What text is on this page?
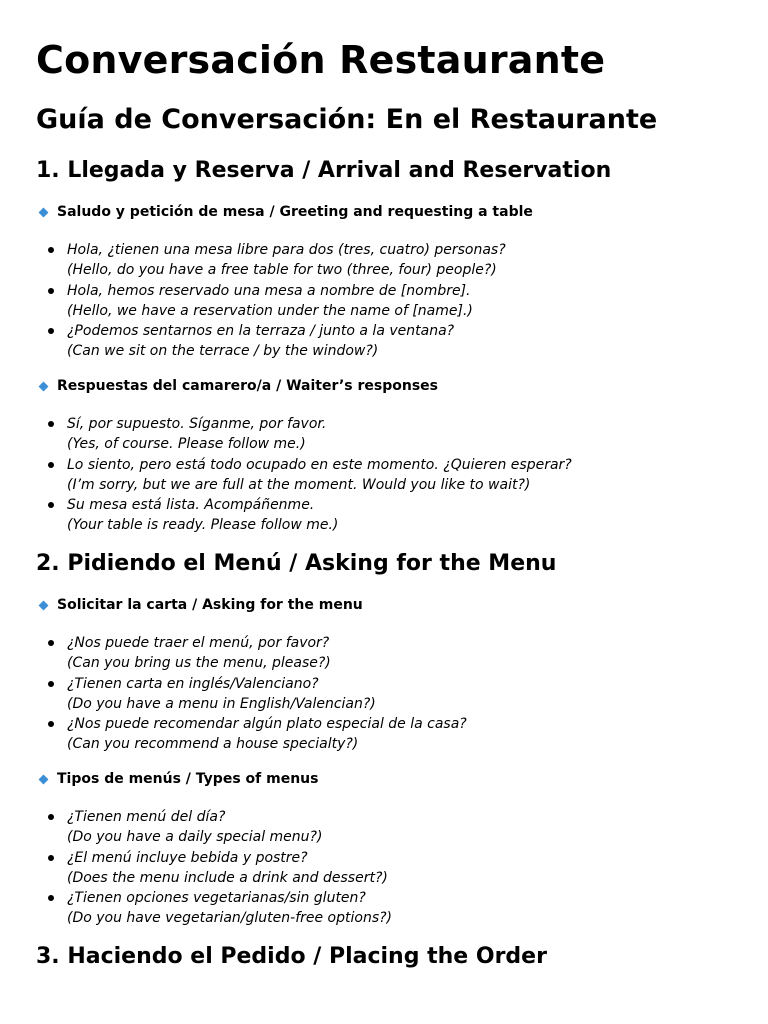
Conversación Restaurante
Guía de Conversación: En el Restaurante
1. Llegada y Reserva / Arrival and Reservation
Saludo y petición de mesa / Greeting and requesting a table
Hola, ¿tienen una mesa libre para dos (tres, cuatro) personas?
(Hello, do you have a free table for two (three, four) people?)
Hola, hemos reservado una mesa a nombre de [nombre].
(Hello, we have a reservation under the name of [name].)
¿Podemos sentarnos en la terraza / junto a la ventana?
(Can we sit on the terrace / by the window?)
Respuestas del camarero/a / Waiter’s responses
Sí, por supuesto. Síganme, por favor.
(Yes, of course. Please follow me.)
Lo siento, pero está todo ocupado en este momento. ¿Quieren esperar?
(I’m sorry, but we are full at the moment. Would you like to wait?)
Su mesa está lista. Acompáñenme.
(Your table is ready. Please follow me.)
2. Pidiendo el Menú / Asking for the Menu
Solicitar la carta / Asking for the menu
¿Nos puede traer el menú, por favor?
(Can you bring us the menu, please?)
¿Tienen carta en inglés/Valenciano?
(Do you have a menu in English/Valencian?)
¿Nos puede recomendar algún plato especial de la casa?
(Can you recommend a house specialty?)
Tipos de menús / Types of menus
¿Tienen menú del día?
(Do you have a daily special menu?)
¿El menú incluye bebida y postre?
(Does the menu include a drink and dessert?)
¿Tienen opciones vegetarianas/sin gluten?
(Do you have vegetarian/gluten-free options?)
3. Haciendo el Pedido / Placing the Order
